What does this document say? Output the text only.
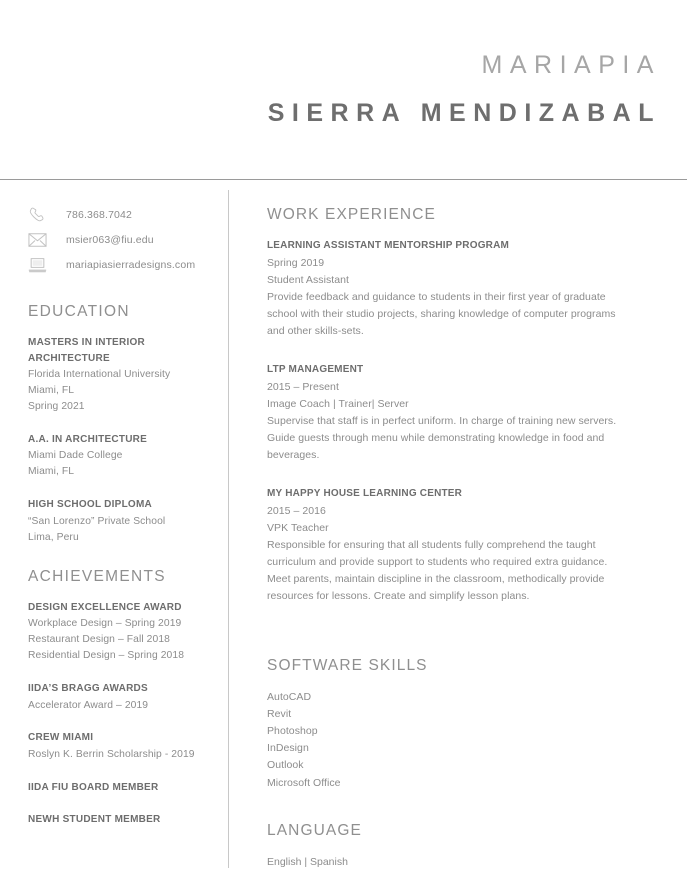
MARIAPIA
SIERRA MENDIZABAL
786.368.7042
msier063@fiu.edu
mariapiasierradesigns.com
EDUCATION
MASTERS IN INTERIOR ARCHITECTURE
Florida International University
Miami, FL
Spring 2021
A.A. IN ARCHITECTURE
Miami Dade College
Miami, FL
HIGH SCHOOL DIPLOMA
“San Lorenzo” Private School
Lima, Peru
ACHIEVEMENTS
DESIGN EXCELLENCE AWARD
Workplace Design – Spring 2019
Restaurant Design – Fall 2018
Residential Design – Spring 2018
IIDA’S BRAGG AWARDS
Accelerator Award – 2019
CREW MIAMI
Roslyn K. Berrin Scholarship - 2019
IIDA FIU BOARD MEMBER
NEWH STUDENT MEMBER
WORK EXPERIENCE
LEARNING ASSISTANT MENTORSHIP PROGRAM
Spring 2019
Student Assistant
Provide feedback and guidance to students in their first year of graduate school with their studio projects, sharing knowledge of computer programs and other skills-sets.
LTP MANAGEMENT
2015 – Present
Image Coach | Trainer| Server
Supervise that staff is in perfect uniform. In charge of training new servers. Guide guests through menu while demonstrating knowledge in food and beverages.
MY HAPPY HOUSE LEARNING CENTER
2015 – 2016
VPK Teacher
Responsible for ensuring that all students fully comprehend the taught curriculum and provide support to students who required extra guidance. Meet parents, maintain discipline in the classroom, methodically provide resources for lessons. Create and simplify lesson plans.
SOFTWARE SKILLS
AutoCAD
Revit
Photoshop
InDesign
Outlook
Microsoft Office
LANGUAGE
English | Spanish
